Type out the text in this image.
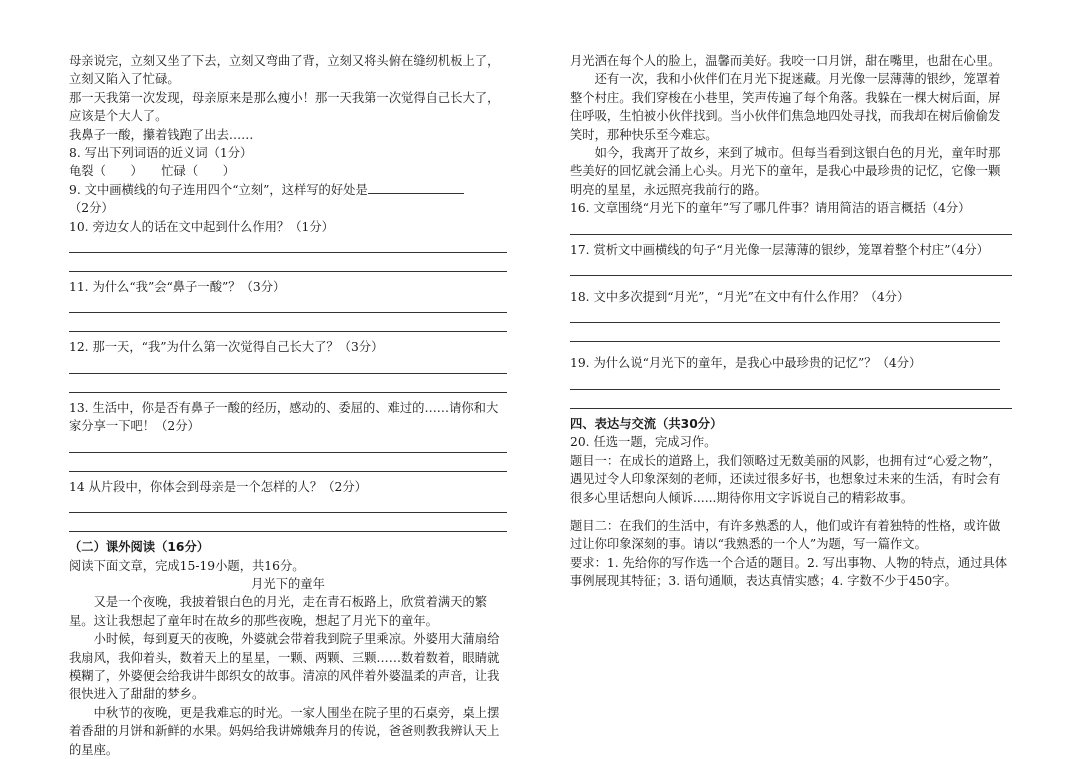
母亲说完，立刻又坐了下去，立刻又弯曲了背，立刻又将头俯在缝纫机板上了，立刻又陷入了忙碌。

那一天我第一次发现，母亲原来是那么瘦小！那一天我第一次觉得自己长大了，应该是个大人了。

我鼻子一酸，攥着钱跑了出去……

8. 写出下列词语的近义词（1分）

龟裂（　　）　　忙碌（　　）

9. 文中画横线的句子连用四个“立刻”，这样写的好处是（2分）

10. 旁边女人的话在文中起到什么作用？（1分）

11. 为什么“我”会“鼻子一酸”？（3分）

12. 那一天，“我”为什么第一次觉得自己长大了？（3分）

13. 生活中，你是否有鼻子一酸的经历，感动的、委屈的、难过的……请你和大家分享一下吧！（2分）

14 从片段中，你体会到母亲是一个怎样的人？（2分）

（二）课外阅读（16分）

阅读下面文章，完成15-19小题，共16分。

月光下的童年

又是一个夜晚，我披着银白色的月光，走在青石板路上，欣赏着满天的繁星。这让我想起了童年时在故乡的那些夜晚，想起了月光下的童年。

小时候，每到夏天的夜晚，外婆就会带着我到院子里乘凉。外婆用大蒲扇给我扇风，我仰着头，数着天上的星星，一颗、两颗、三颗……数着数着，眼睛就模糊了，外婆便会给我讲牛郎织女的故事。清凉的风伴着外婆温柔的声音，让我很快进入了甜甜的梦乡。

中秋节的夜晚，更是我难忘的时光。一家人围坐在院子里的石桌旁，桌上摆着香甜的月饼和新鲜的水果。妈妈给我讲嫦娥奔月的传说，爸爸则教我辨认天上的星座。

月光洒在每个人的脸上，温馨而美好。我咬一口月饼，甜在嘴里，也甜在心里。

还有一次，我和小伙伴们在月光下捉迷藏。月光像一层薄薄的银纱，笼罩着整个村庄。我们穿梭在小巷里，笑声传遍了每个角落。我躲在一棵大树后面，屏住呼吸，生怕被小伙伴找到。当小伙伴们焦急地四处寻找，而我却在树后偷偷发笑时，那种快乐至今难忘。

如今，我离开了故乡，来到了城市。但每当看到这银白色的月光，童年时那些美好的回忆就会涌上心头。月光下的童年，是我心中最珍贵的记忆，它像一颗明亮的星星，永远照亮我前行的路。

16. 文章围绕“月光下的童年”写了哪几件事？请用简洁的语言概括（4分）

17. 赏析文中画横线的句子“月光像一层薄薄的银纱，笼罩着整个村庄”（4分）

18. 文中多次提到“月光”，“月光”在文中有什么作用？（4分）

19. 为什么说“月光下的童年，是我心中最珍贵的记忆”？（4分）

四、表达与交流（共30分）

20. 任选一题，完成习作。

题目一：在成长的道路上，我们领略过无数美丽的风影，也拥有过“心爱之物”，遇见过令人印象深刻的老师，还读过很多好书，也想象过未来的生活，有时会有很多心里话想向人倾诉......期待你用文字诉说自己的精彩故事。

题目二：在我们的生活中，有许多熟悉的人，他们或许有着独特的性格，或许做过让你印象深刻的事。请以“我熟悉的一个人”为题，写一篇作文。

要求：1. 先给你的写作选一个合适的题目。2. 写出事物、人物的特点，通过具体事例展现其特征；3. 语句通顺，表达真情实感；4. 字数不少于450字。
